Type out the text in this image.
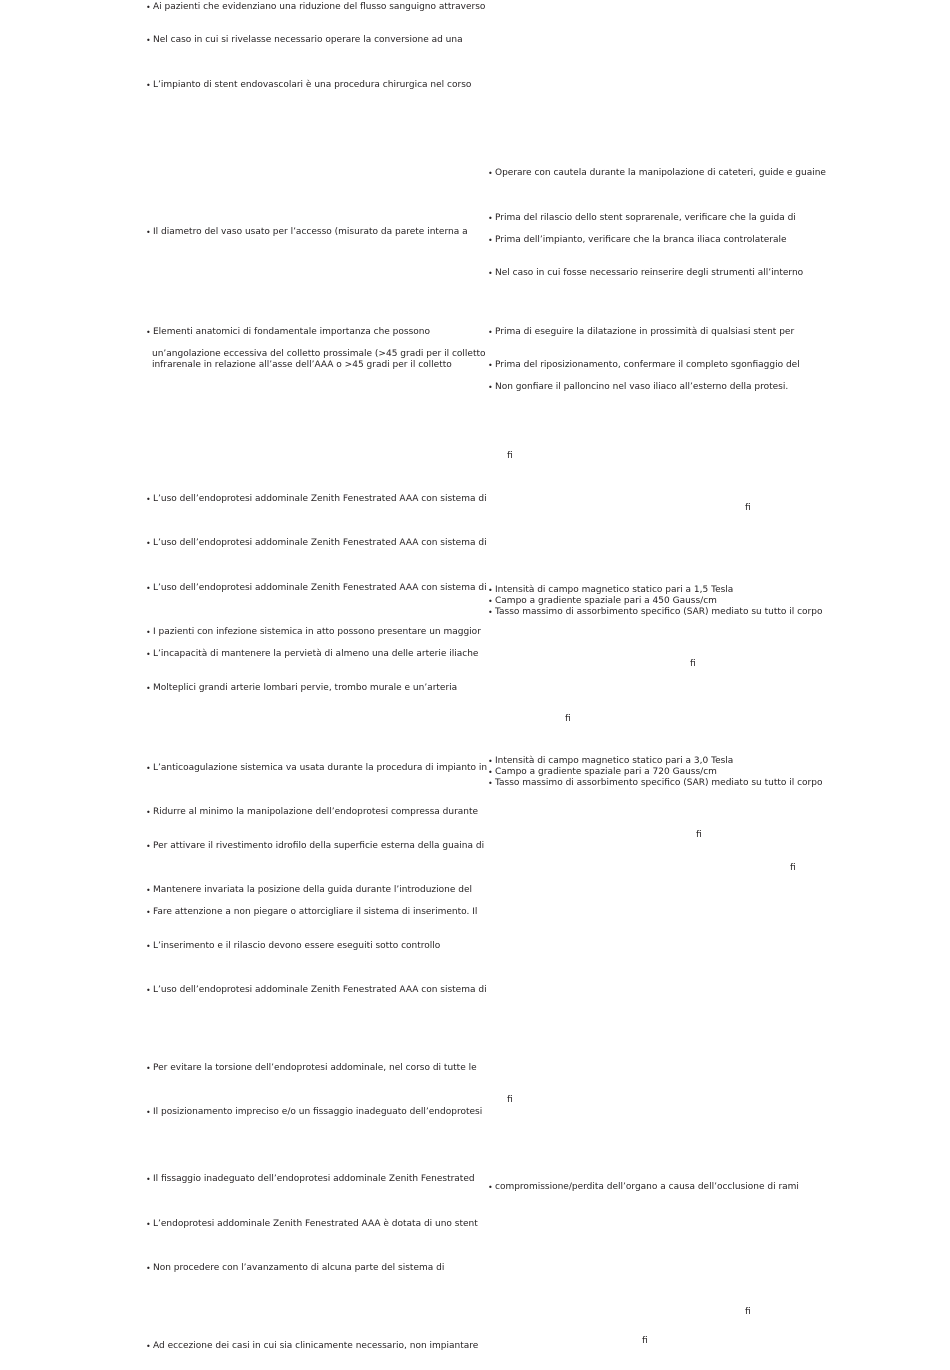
• Ai pazienti che evidenziano una riduzione del flusso sanguigno attraverso
• Nel caso in cui si rivelasse necessario operare la conversione ad una
• L’impianto di stent endovascolari è una procedura chirurgica nel corso
• Il diametro del vaso usato per l’accesso (misurato da parete interna a
• Elementi anatomici di fondamentale importanza che possono
un’angolazione eccessiva del colletto prossimale (>45 gradi per il colletto
infrarenale in relazione all’asse dell’AAA o >45 gradi per il colletto
• L’uso dell’endoprotesi addominale Zenith Fenestrated AAA con sistema di
• L’uso dell’endoprotesi addominale Zenith Fenestrated AAA con sistema di
• L’uso dell’endoprotesi addominale Zenith Fenestrated AAA con sistema di
• I pazienti con infezione sistemica in atto possono presentare un maggior
• L’incapacità di mantenere la pervietà di almeno una delle arterie iliache
• Molteplici grandi arterie lombari pervie, trombo murale e un’arteria
• L’anticoagulazione sistemica va usata durante la procedura di impianto in
• Ridurre al minimo la manipolazione dell’endoprotesi compressa durante
• Per attivare il rivestimento idrofilo della superficie esterna della guaina di
• Mantenere invariata la posizione della guida durante l’introduzione del
• Fare attenzione a non piegare o attorcigliare il sistema di inserimento. Il
• L’inserimento e il rilascio devono essere eseguiti sotto controllo
• L’uso dell’endoprotesi addominale Zenith Fenestrated AAA con sistema di
• Per evitare la torsione dell’endoprotesi addominale, nel corso di tutte le
• Il posizionamento impreciso e/o un fissaggio inadeguato dell’endoprotesi
• Il fissaggio inadeguato dell’endoprotesi addominale Zenith Fenestrated
• L’endoprotesi addominale Zenith Fenestrated AAA è dotata di uno stent
• Non procedere con l’avanzamento di alcuna parte del sistema di
• Ad eccezione dei casi in cui sia clinicamente necessario, non impiantare
• Operare con cautela durante la manipolazione di cateteri, guide e guaine
• Prima del rilascio dello stent soprarenale, verificare che la guida di
• Prima dell’impianto, verificare che la branca iliaca controlaterale
• Nel caso in cui fosse necessario reinserire degli strumenti all’interno
• Prima di eseguire la dilatazione in prossimità di qualsiasi stent per
• Prima del riposizionamento, confermare il completo sgonfiaggio del
• Non gonfiare il palloncino nel vaso iliaco all’esterno della protesi.
• Intensità di campo magnetico statico pari a 1,5 Tesla
• Campo a gradiente spaziale pari a 450 Gauss/cm
• Tasso massimo di assorbimento specifico (SAR) mediato su tutto il corpo
• Intensità di campo magnetico statico pari a 3,0 Tesla
• Campo a gradiente spaziale pari a 720 Gauss/cm
• Tasso massimo di assorbimento specifico (SAR) mediato su tutto il corpo
• compromissione/perdita dell’organo a causa dell’occlusione di rami
fi
fi
fi
fi
fi
fi
fi
fi
fi
